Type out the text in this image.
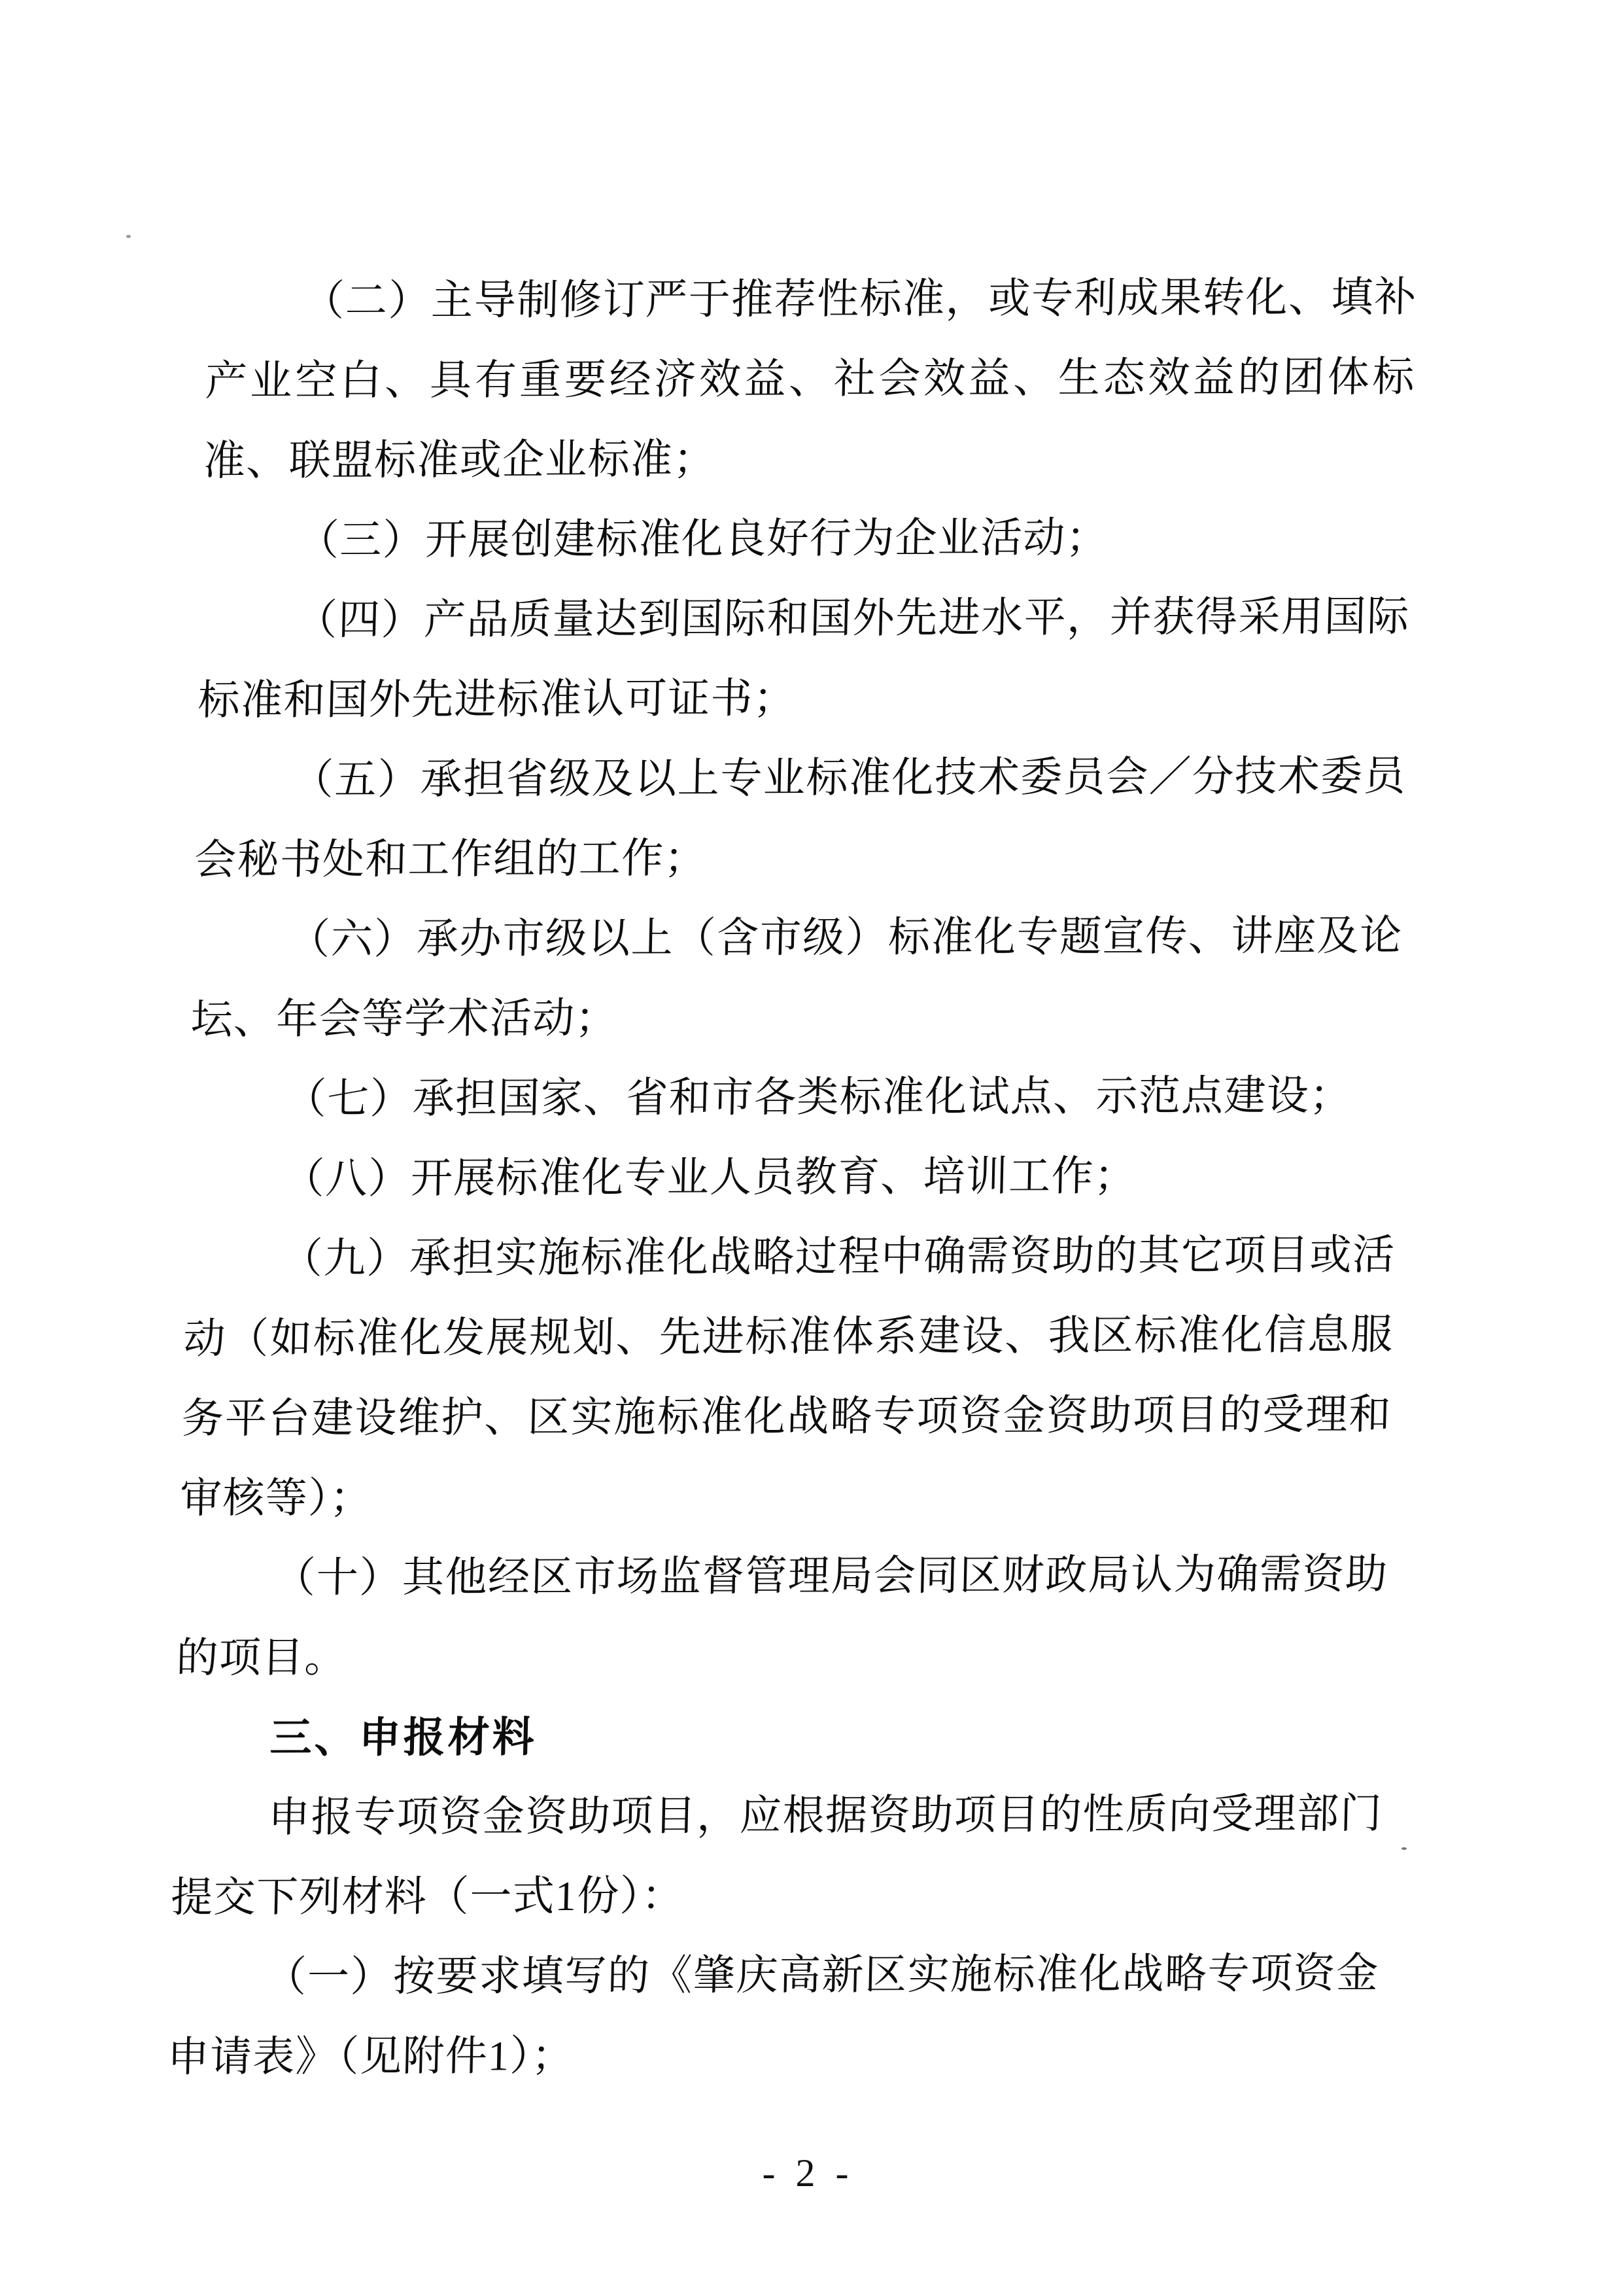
（二）主导制修订严于推荐性标准，或专利成果转化、填补产业空白、具有重要经济效益、社会效益、生态效益的团体标准、联盟标准或企业标准；

（三）开展创建标准化良好行为企业活动；

（四）产品质量达到国际和国外先进水平，并获得采用国际标准和国外先进标准认可证书；

（五）承担省级及以上专业标准化技术委员会／分技术委员会秘书处和工作组的工作；

（六）承办市级以上（含市级）标准化专题宣传、讲座及论坛、年会等学术活动；

（七）承担国家、省和市各类标准化试点、示范点建设；

（八）开展标准化专业人员教育、培训工作；

（九）承担实施标准化战略过程中确需资助的其它项目或活动（如标准化发展规划、先进标准体系建设、我区标准化信息服务平台建设维护、区实施标准化战略专项资金资助项目的受理和审核等）；

（十）其他经区市场监督管理局会同区财政局认为确需资助的项目。

三、申报材料

申报专项资金资助项目，应根据资助项目的性质向受理部门提交下列材料（一式1份）：

（一）按要求填写的《肇庆高新区实施标准化战略专项资金申请表》（见附件1）；

- 2 -
